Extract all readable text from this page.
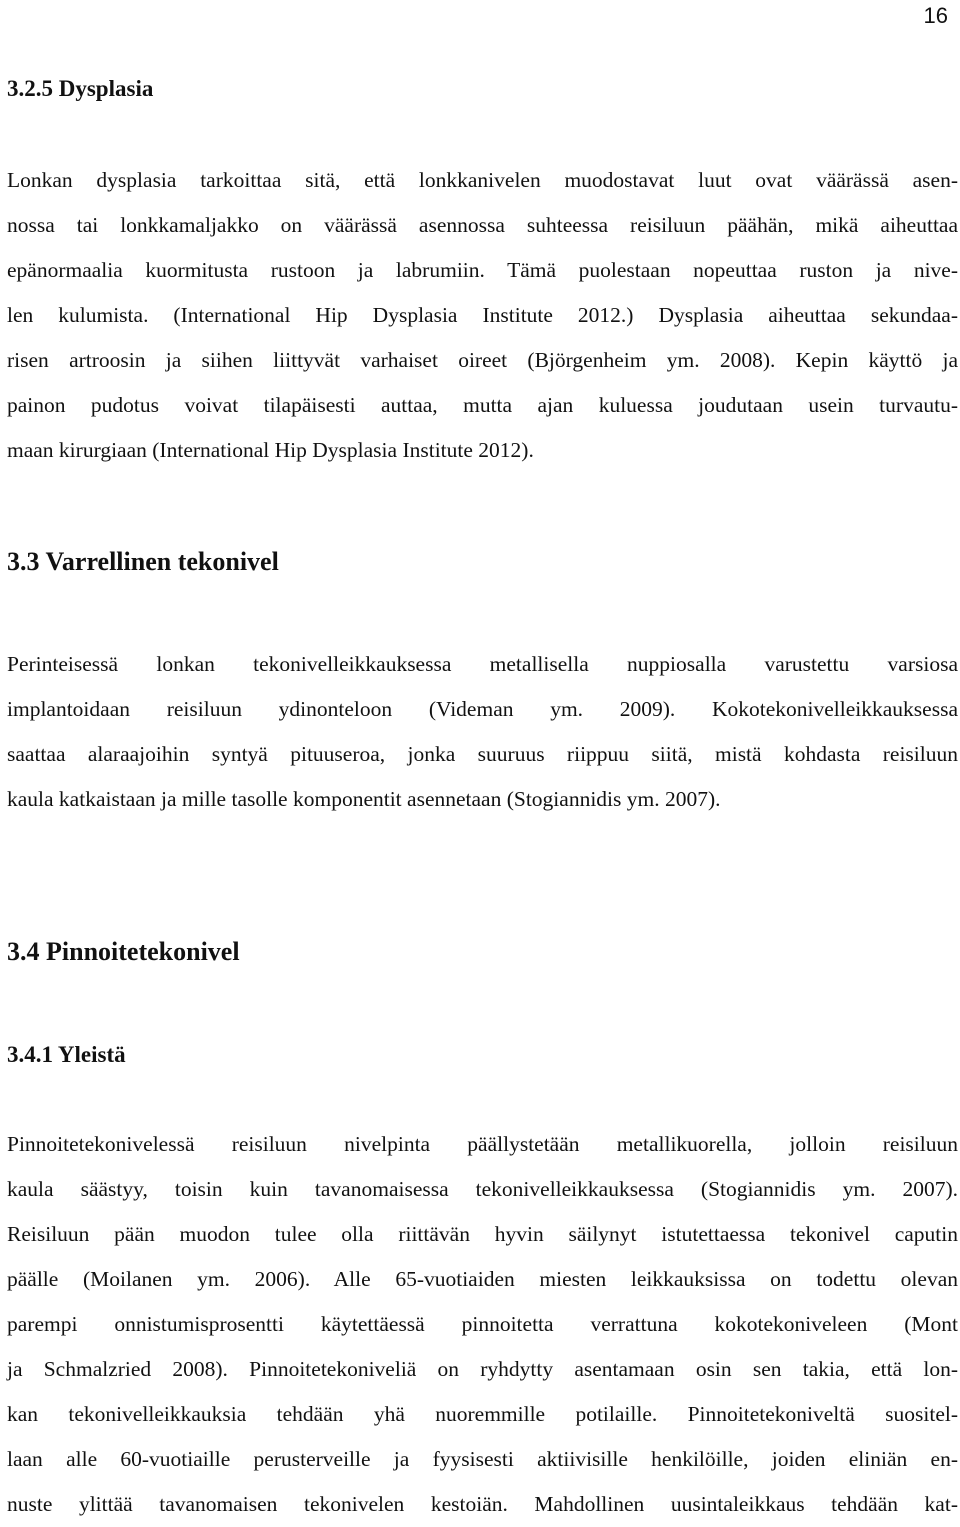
16
3.2.5 Dysplasia
Lonkan dysplasia tarkoittaa sitä, että lonkkanivelen muodostavat luut ovat väärässä asen-
nossa tai lonkkamaljakko on väärässä asennossa suhteessa reisiluun päähän, mikä aiheuttaa
epänormaalia kuormitusta rustoon ja labrumiin. Tämä puolestaan nopeuttaa ruston ja nive-
len kulumista. (International Hip Dysplasia Institute 2012.) Dysplasia aiheuttaa sekundaa-
risen artroosin ja siihen liittyvät varhaiset oireet (Björgenheim ym. 2008). Kepin käyttö ja
painon pudotus voivat tilapäisesti auttaa, mutta ajan kuluessa joudutaan usein turvautu-
maan kirurgiaan (International Hip Dysplasia Institute 2012).
3.3 Varrellinen tekonivel
Perinteisessä lonkan tekonivelleikkauksessa metallisella nuppiosalla varustettu varsiosa
implantoidaan reisiluun ydinonteloon (Videman ym. 2009). Kokotekonivelleikkauksessa
saattaa alaraajoihin syntyä pituuseroa, jonka suuruus riippuu siitä, mistä kohdasta reisiluun
kaula katkaistaan ja mille tasolle komponentit asennetaan (Stogiannidis ym. 2007).
3.4 Pinnoitetekonivel
3.4.1 Yleistä
Pinnoitetekonivelessä reisiluun nivelpinta päällystetään metallikuorella, jolloin reisiluun
kaula säästyy, toisin kuin tavanomaisessa tekonivelleikkauksessa (Stogiannidis ym. 2007).
Reisiluun pään muodon tulee olla riittävän hyvin säilynyt istutettaessa tekonivel caputin
päälle (Moilanen ym. 2006). Alle 65-vuotiaiden miesten leikkauksissa on todettu olevan
parempi onnistumisprosentti käytettäessä pinnoitetta verrattuna kokotekoniveleen (Mont
ja Schmalzried 2008). Pinnoitetekoniveliä on ryhdytty asentamaan osin sen takia, että lon-
kan tekonivelleikkauksia tehdään yhä nuoremmille potilaille. Pinnoitetekoniveltä suositel-
laan alle 60-vuotiaille perusterveille ja fyysisesti aktiivisille henkilöille, joiden eliniän en-
nuste ylittää tavanomaisen tekonivelen kestoiän. Mahdollinen uusintaleikkaus tehdään kat-
